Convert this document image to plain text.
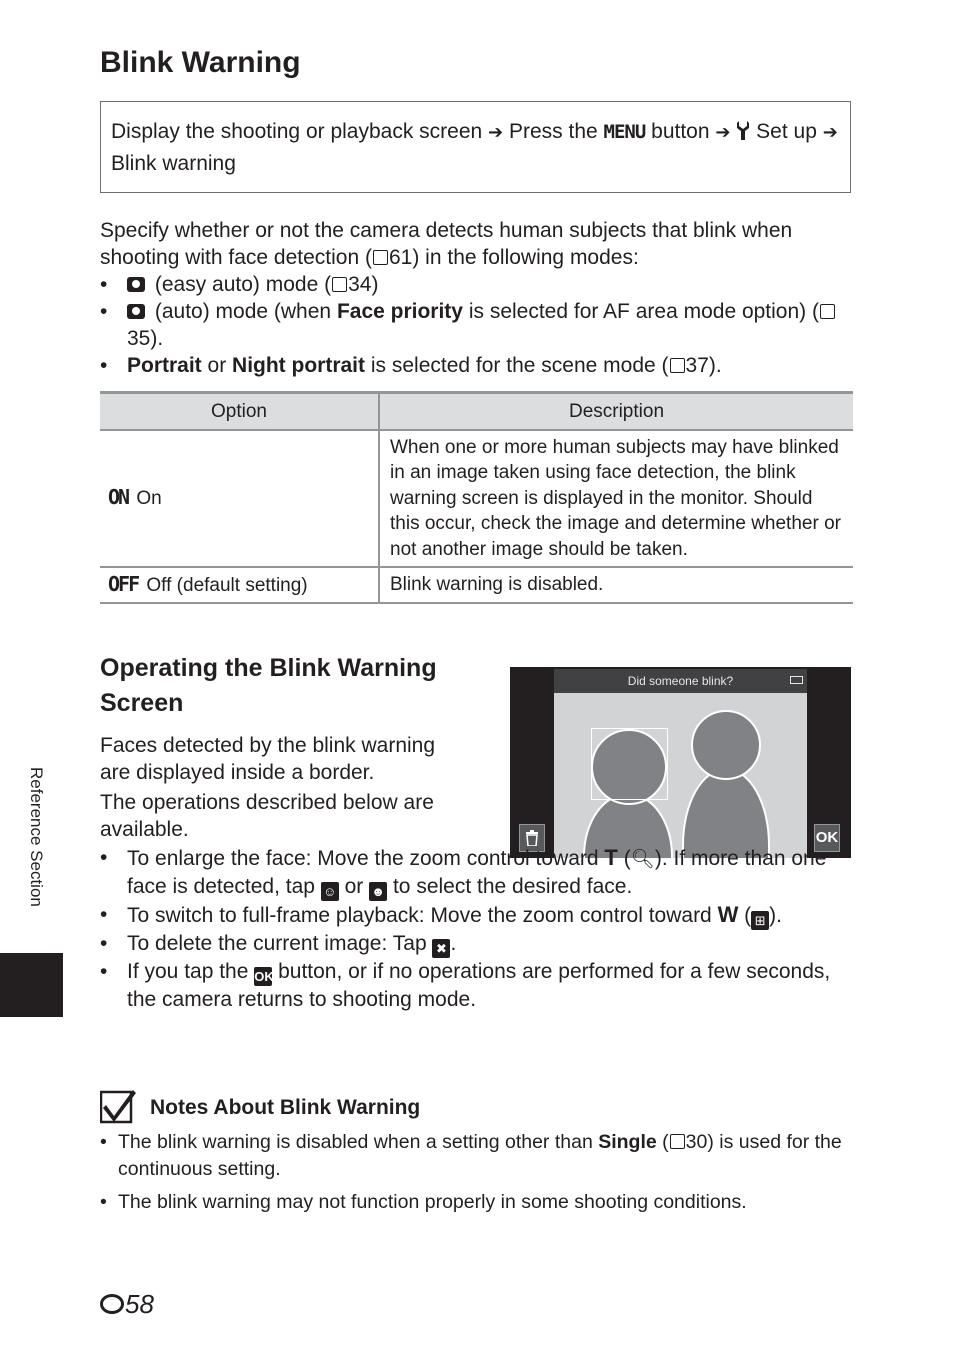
Blink Warning
Display the shooting or playback screen ➔ Press the MENU button ➔ Set up ➔ Blink warning
Specify whether or not the camera detects human subjects that blink when shooting with face detection ( 61) in the following modes:
• (easy auto) mode ( 34)
• (auto) mode (when Face priority is selected for AF area mode option) (35).
• Portrait or Night portrait is selected for the scene mode ( 37).
Option	Description
ON On	When one or more human subjects may have blinked in an image taken using face detection, the blink warning screen is displayed in the monitor. Should this occur, check the image and determine whether or not another image should be taken.
OFF Off (default setting)	Blink warning is disabled.
Operating the Blink Warning Screen
Faces detected by the blink warning are displayed inside a border.
The operations described below are available.
Did someone blink?
OK
• To enlarge the face: Move the zoom control toward T (🔍︎). If more than one face is detected, tap ☺ or ☻ to select the desired face.
• To switch to full-frame playback: Move the zoom control toward W ( ⊞ ).
• To delete the current image: Tap ✖ .
• If you tap the OK button, or if no operations are performed for a few seconds, the camera returns to shooting mode.
Reference Section
Notes About Blink Warning
• The blink warning is disabled when a setting other than Single ( 30) is used for the continuous setting.
• The blink warning may not function properly in some shooting conditions.
58
